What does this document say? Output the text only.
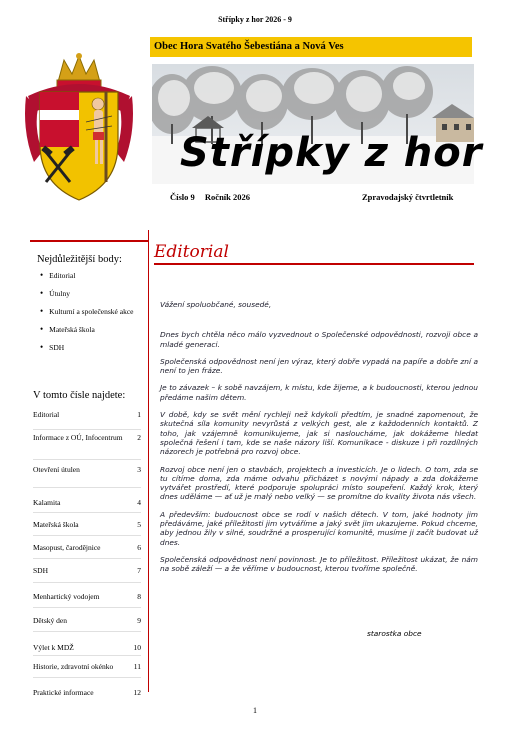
Střípky z hor 2026 - 9
Obec Hora Svatého Šebestiána a Nová Ves
Střípky z hor
Číslo 9 Ročník 2026	Zpravodajský čtvrtletník
Nejdůležitější body:
• Editorial
• Útulny
• Kulturní a společenské akce
• Mateřská škola
• SDH
V tomto čísle najdete:
Editorial	1
Informace z OÚ, Infocentrum 2
Otevření útulen	3
Kalamita	4
Mateřská škola	5
Masopust, čarodějnice	6
SDH	7
Menhartický vodojem	8
Dětský den	9
Výlet k MDŽ	10
Historie, zdravotní okénko	11
Praktické informace	12
Editorial

Vážení spoluobčané, sousedé,

Dnes bych chtěla něco málo vyzvednout o Společenské odpovědnosti, rozvoji obce a mladé generaci.

Společenská odpovědnost není jen výraz, který dobře vypadá na papíře a dobře zní a není to jen fráze.

Je to závazek – k sobě navzájem, k místu, kde žijeme, a k budoucnosti, kterou jednou předáme našim dětem.

V době, kdy se svět mění rychleji než kdykoli předtím, je snadné zapomenout, že skutečná síla komunity nevyrůstá z velkých gest, ale z každodenních kontaktů. Z toho, jak vzájemně komunikujeme, jak si nasloucháme, jak dokážeme hledat společná řešení i tam, kde se naše názory liší. Komunikace - diskuze i při rozdílných názorech je potřebná pro rozvoj obce.

Rozvoj obce není jen o stavbách, projektech a investicích. Je o lidech. O tom, zda se tu cítíme doma, zda máme odvahu přicházet s novými nápady a zda dokážeme vytvářet prostředí, které podporuje spolupráci místo soupeření. Každý krok, který dnes uděláme — ať už je malý nebo velký — se promítne do kvality života nás všech.

A především: budoucnost obce se rodí v našich dětech. V tom, jaké hodnoty jim předáváme, jaké příležitosti jim vytváříme a jaký svět jim ukazujeme. Pokud chceme, aby jednou žily v silné, soudržné a prosperující komunitě, musíme ji začít budovat už dnes.

Společenská odpovědnost není povinnost. Je to příležitost. Příležitost ukázat, že nám na sobě záleží — a že věříme v budoucnost, kterou tvoříme společně.

starostka obce
1
